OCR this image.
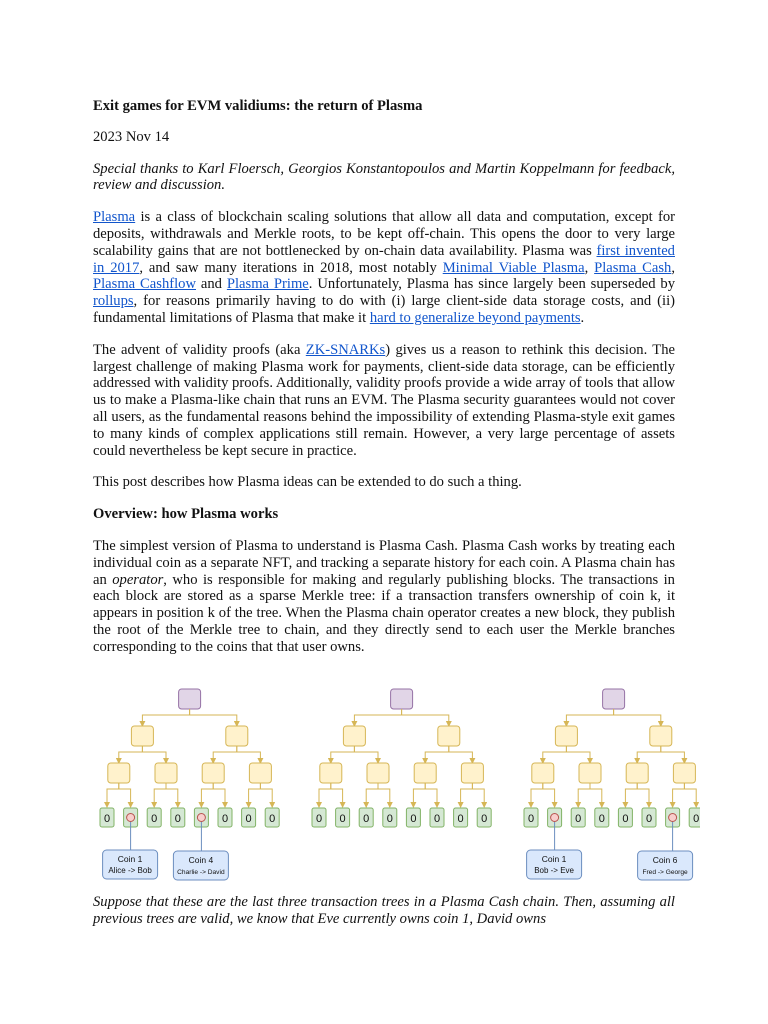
Exit games for EVM validiums: the return of Plasma
2023 Nov 14

Special thanks to Karl Floersch, Georgios Konstantopoulos and Martin Koppelmann for feedback, review and discussion.

Plasma is a class of blockchain scaling solutions that allow all data and computation, except for deposits, withdrawals and Merkle roots, to be kept off-chain. This opens the door to very large scalability gains that are not bottlenecked by on-chain data availability. Plasma was first invented in 2017, and saw many iterations in 2018, most notably Minimal Viable Plasma, Plasma Cash, Plasma Cashflow and Plasma Prime. Unfortunately, Plasma has since largely been superseded by rollups, for reasons primarily having to do with (i) large client-side data storage costs, and (ii) fundamental limitations of Plasma that make it hard to generalize beyond payments.

The advent of validity proofs (aka ZK-SNARKs) gives us a reason to rethink this decision. The largest challenge of making Plasma work for payments, client-side data storage, can be efficiently addressed with validity proofs. Additionally, validity proofs provide a wide array of tools that allow us to make a Plasma-like chain that runs an EVM. The Plasma security guarantees would not cover all users, as the fundamental reasons behind the impossibility of extending Plasma-style exit games to many kinds of complex applications still remain. However, a very large percentage of assets could nevertheless be kept secure in practice.

This post describes how Plasma ideas can be extended to do such a thing.

Overview: how Plasma works

The simplest version of Plasma to understand is Plasma Cash. Plasma Cash works by treating each individual coin as a separate NFT, and tracking a separate history for each coin. A Plasma chain has an operator, who is responsible for making and regularly publishing blocks. The transactions in each block are stored as a sparse Merkle tree: if a transaction transfers ownership of coin k, it appears in position k of the tree. When the Plasma chain operator creates a new block, they publish the root of the Merkle tree to chain, and they directly send to each user the Merkle branches corresponding to the coins that that user owns.

0	0 0	0 0 0
Coin 1
Alice -> Bob
Coin 4
Charlie -> David
0 0 0 0 0 0 0 0	0	0 0 0 0	0
Coin 1
Bob -> Eve
Coin 6
Fred -> George
Suppose that these are the last three transaction trees in a Plasma Cash chain. Then, assuming all previous trees are valid, we know that Eve currently owns coin 1, David owns
